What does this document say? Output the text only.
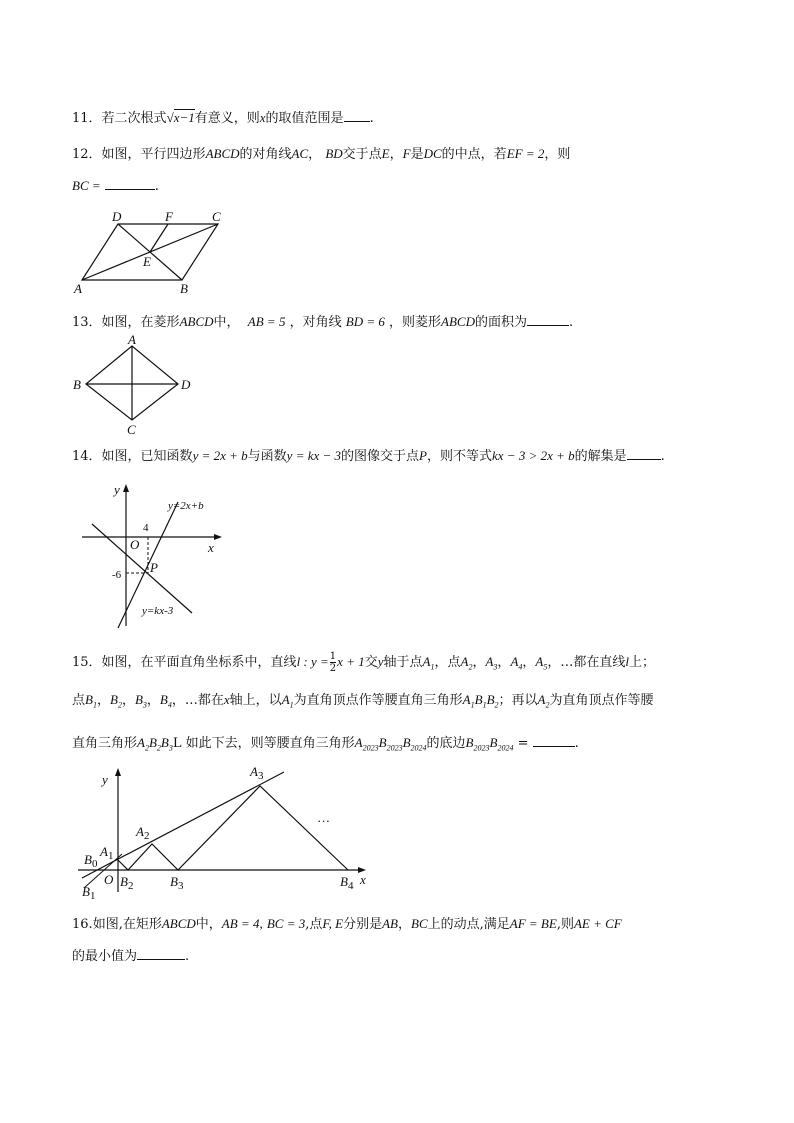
11．若二次根式√x−1有意义，则x的取值范围是 .
12．如图，平行四边形ABCD的对角线AC， BD交于点E，F是DC的中点，若EF = 2，则
BC =	.
D	F	C
E
A	B
13．如图，在菱形ABCD中， AB = 5 ，对角线 BD = 6 ，则菱形ABCD的面积为	.
A
B	D
C
14．如图，已知函数y = 2x + b与函数y = kx − 3的图像交于点P，则不等式kx − 3 > 2x + b的解集是	.
y
x
O
4
-6 P
y=2x+b
y=kx-3
15．如图，在平面直角坐标系中，直线l : $y = \frac{1}{2}$ x + 1交y轴于点$A_1$，点$A_2$，$A_3$，$A_4$，$A_5$，…都在直线l上；
点$B_1$，$B_2$，$B_3$，$B_4$，…都在x轴上，以$A_1$为直角顶点作等腰直角三角形$A_1B_1B_2$；再以$A_2$为直角顶点作等腰
直角三角形$A_2B_2B_3L$ 如此下去，则等腰直角三角形$A_{2023}B_{2023}B_{2024}$的底边$B_{2023}B_{2024}$ =	.
y
x
O
$A_1$
$A_2$
$A_3$
$B_0$
$B_1$
$B_2$	$B_3$	$B_4$
…
16.如图,在矩形ABCD中，AB = 4, BC = 3,点F, E分别是AB，BC上的动点,满足AF = BE,则AE + CF
的最小值为	.
